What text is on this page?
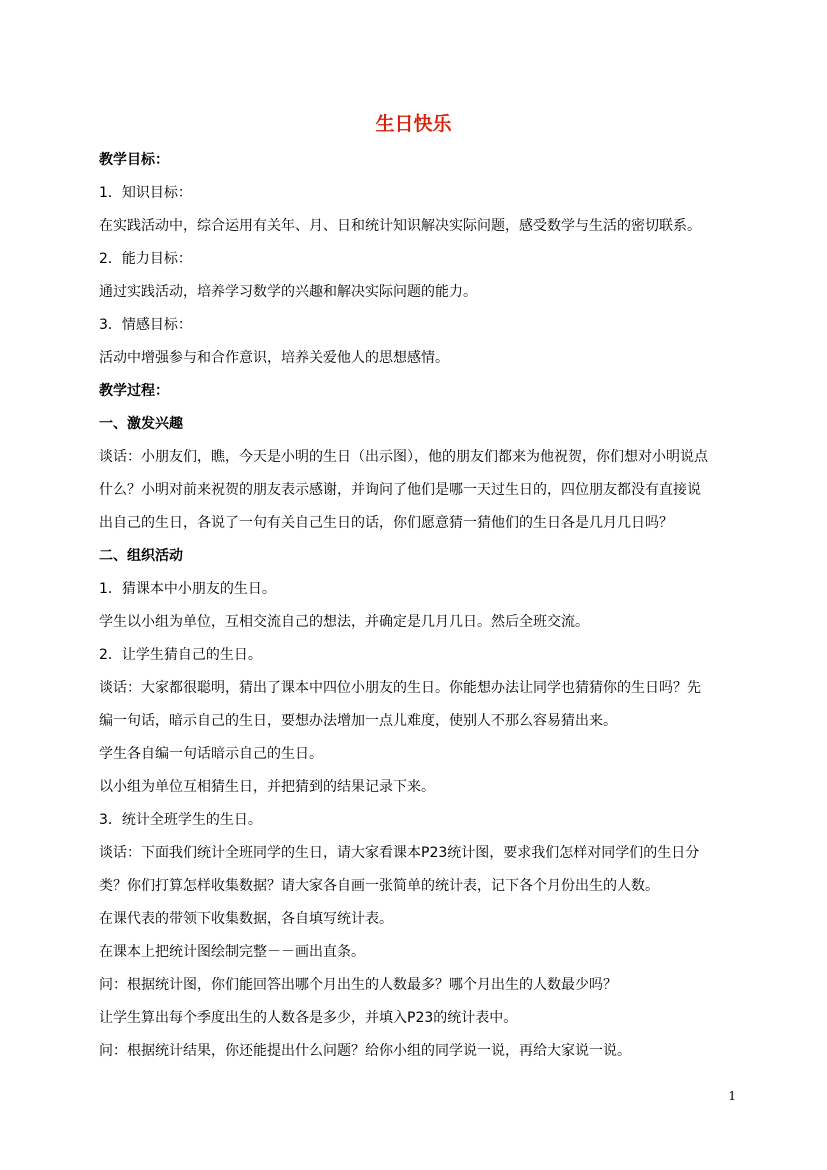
生日快乐
教学目标：
1．知识目标：
在实践活动中，综合运用有关年、月、日和统计知识解决实际问题，感受数学与生活的密切联系。
2．能力目标：
通过实践活动，培养学习数学的兴趣和解决实际问题的能力。
3．情感目标：
活动中增强参与和合作意识，培养关爱他人的思想感情。
教学过程：
一、激发兴趣
谈话：小朋友们，瞧，今天是小明的生日（出示图），他的朋友们都来为他祝贺，你们想对小明说点
什么？小明对前来祝贺的朋友表示感谢，并询问了他们是哪一天过生日的，四位朋友都没有直接说
出自己的生日，各说了一句有关自己生日的话，你们愿意猜一猜他们的生日各是几月几日吗？
二、组织活动
1．猜课本中小朋友的生日。
学生以小组为单位，互相交流自己的想法，并确定是几月几日。然后全班交流。
2．让学生猜自己的生日。
谈话：大家都很聪明，猜出了课本中四位小朋友的生日。你能想办法让同学也猜猜你的生日吗？先
编一句话，暗示自己的生日，要想办法增加一点儿难度，使别人不那么容易猜出来。
学生各自编一句话暗示自己的生日。
以小组为单位互相猜生日，并把猜到的结果记录下来。
3．统计全班学生的生日。
谈话：下面我们统计全班同学的生日，请大家看课本P23统计图，要求我们怎样对同学们的生日分
类？你们打算怎样收集数据？请大家各自画一张简单的统计表，记下各个月份出生的人数。
在课代表的带领下收集数据，各自填写统计表。
在课本上把统计图绘制完整－－画出直条。
问：根据统计图，你们能回答出哪个月出生的人数最多？哪个月出生的人数最少吗？
让学生算出每个季度出生的人数各是多少，并填入P23的统计表中。
问：根据统计结果，你还能提出什么问题？给你小组的同学说一说，再给大家说一说。
1
